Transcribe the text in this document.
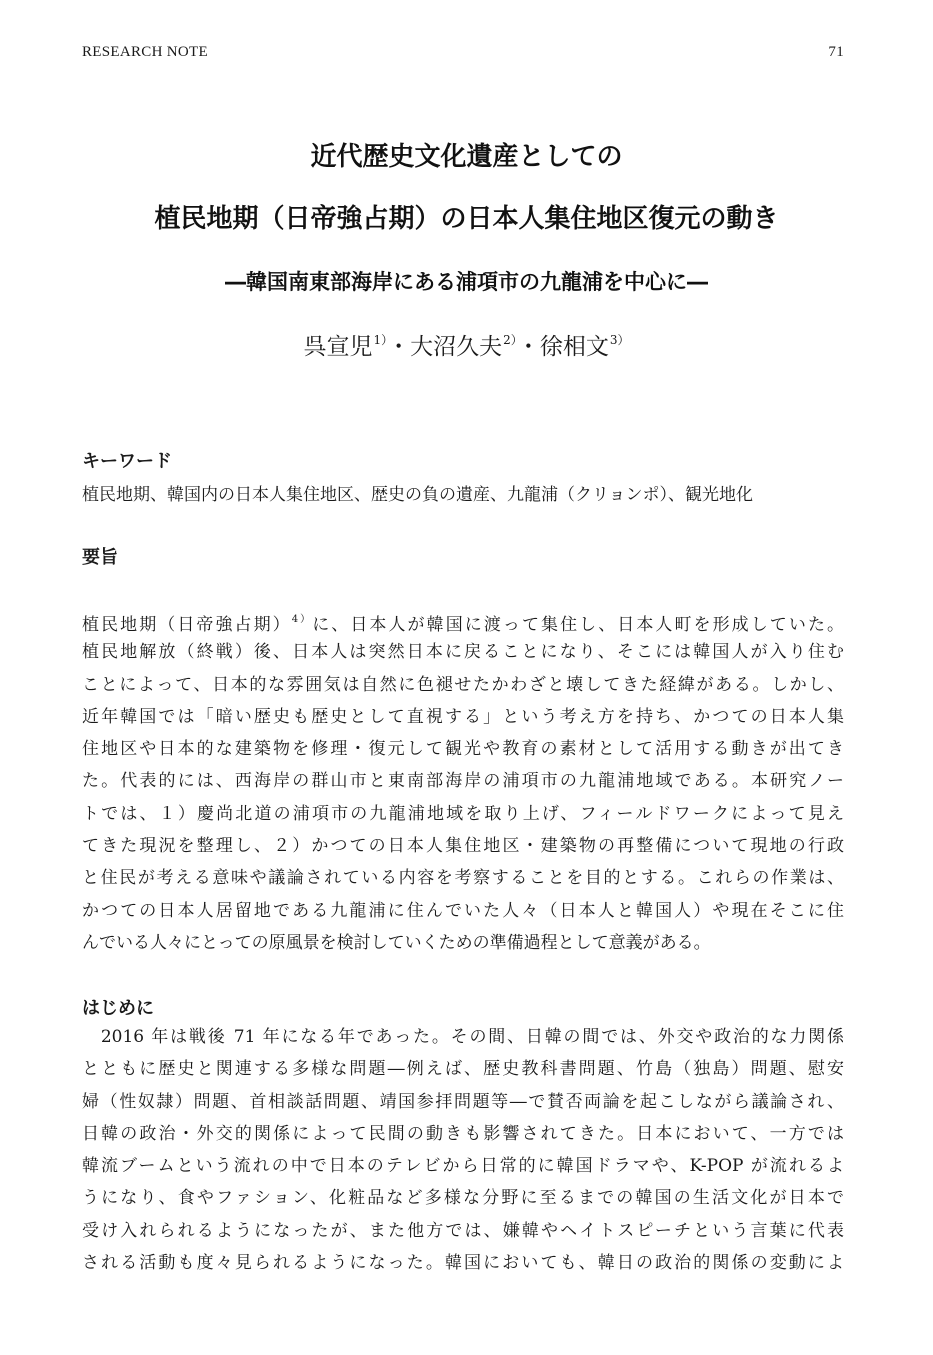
RESEARCH NOTE	71
近代歴史文化遺産としての
植民地期（日帝強占期）の日本人集住地区復元の動き
―韓国南東部海岸にある浦項市の九龍浦を中心に―
呉宣児$^{1)}$・大沼久夫$^{2)}$・徐相文$^{3)}$
キーワード
植民地期、韓国内の日本人集住地区、歴史の負の遺産、九龍浦（クリョンポ）、観光地化
要旨
植民地期（日帝強占期）$^{4)}$に、日本人が韓国に渡って集住し、日本人町を形成していた。
植民地解放（終戦）後、日本人は突然日本に戻ることになり、そこには韓国人が入り住む
ことによって、日本的な雰囲気は自然に色褪せたかわざと壊してきた経緯がある。しかし、
近年韓国では「暗い歴史も歴史として直視する」という考え方を持ち、かつての日本人集
住地区や日本的な建築物を修理・復元して観光や教育の素材として活用する動きが出てき
た。代表的には、西海岸の群山市と東南部海岸の浦項市の九龍浦地域である。本研究ノー
トでは、１）慶尚北道の浦項市の九龍浦地域を取り上げ、フィールドワークによって見え
てきた現況を整理し、２）かつての日本人集住地区・建築物の再整備について現地の行政
と住民が考える意味や議論されている内容を考察することを目的とする。これらの作業は、
かつての日本人居留地である九龍浦に住んでいた人々（日本人と韓国人）や現在そこに住
んでいる人々にとっての原風景を検討していくための準備過程として意義がある。
はじめに
　2016 年は戦後 71 年になる年であった。その間、日韓の間では、外交や政治的な力関係
とともに歴史と関連する多様な問題―例えば、歴史教科書問題、竹島（独島）問題、慰安
婦（性奴隷）問題、首相談話問題、靖国参拝問題等―で賛否両論を起こしながら議論され、
日韓の政治・外交的関係によって民間の動きも影響されてきた。日本において、一方では
韓流ブームという流れの中で日本のテレビから日常的に韓国ドラマや、K-POP が流れるよ
うになり、食やファション、化粧品など多様な分野に至るまでの韓国の生活文化が日本で
受け入れられるようになったが、また他方では、嫌韓やヘイトスピーチという言葉に代表
される活動も度々見られるようになった。韓国においても、韓日の政治的関係の変動によ
